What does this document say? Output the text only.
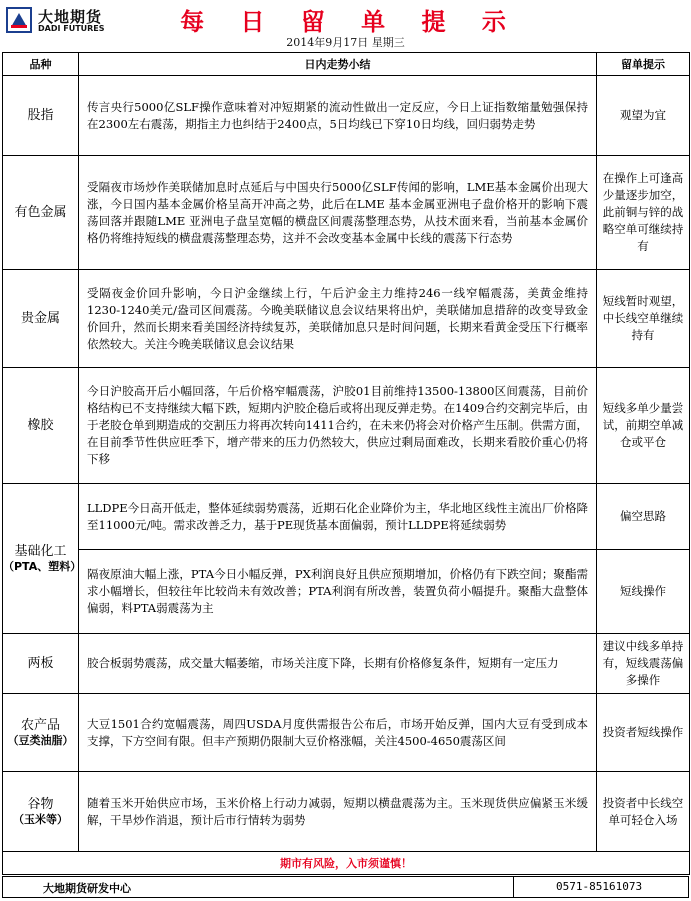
大地期货
DADI FUTURES	每 日 留 单 提 示
2014年9月17日 星期三
品种	日内走势小结	留单提示
股指	传言央行5000亿SLF操作意味着对冲短期紧的流动性做出一定反应，今日上证指数缩量勉强保持在2300左右震荡，期指主力也纠结于2400点，5日均线已下穿10日均线，回归弱势走势	观望为宜
有色金属	受隔夜市场炒作美联储加息时点延后与中国央行5000亿SLF传闻的影响，LME基本金属价出现大涨，今日国内基本金属价格呈高开冲高之势，此后在LME 基本金属亚洲电子盘价格开的影响下震荡回落并跟随LME 亚洲电子盘呈宽幅的横盘区间震荡整理态势，从技术面来看，当前基本金属价格仍将维持短线的横盘震荡整理态势，这并不会改变基本金属中长线的震荡下行态势	在操作上可逢高少量逐步加空，此前铜与锌的战略空单可继续持有
贵金属	受隔夜金价回升影响，今日沪金继续上行，午后沪金主力维持246一线窄幅震荡，美黄金维持1230-1240美元/盎司区间震荡。今晚美联储议息会议结果将出炉，美联储加息措辞的改变导致金价回升，然而长期来看美国经济持续复苏，美联储加息只是时间问题，长期来看黄金受压下行概率依然较大。关注今晚美联储议息会议结果	短线暂时观望，中长线空单继续持有
橡胶	今日沪胶高开后小幅回落，午后价格窄幅震荡，沪胶01目前维持13500-13800区间震荡，目前价格结构已不支持继续大幅下跌，短期内沪胶企稳后或将出现反弹走势。在1409合约交割完毕后，由于老胶仓单到期造成的交割压力将再次转向1411合约，在未来仍将会对价格产生压制。供需方面，在目前季节性供应旺季下，增产带来的压力仍然较大，供应过剩局面难改，长期来看胶价重心仍将下移	短线多单少量尝试，前期空单减仓或平仓
基础化工
（PTA、塑料）	LLDPE今日高开低走，整体延续弱势震荡，近期石化企业降价为主，华北地区线性主流出厂价格降至11000元/吨。需求改善乏力，基于PE现货基本面偏弱，预计LLDPE将延续弱势	偏空思路
	隔夜原油大幅上涨，PTA今日小幅反弹，PX利润良好且供应预期增加，价格仍有下跌空间；聚酯需求小幅增长，但较往年比较尚未有效改善；PTA利润有所改善，装置负荷小幅提升。聚酯大盘整体偏弱，料PTA弱震荡为主	短线操作
两板	胶合板弱势震荡，成交量大幅萎缩，市场关注度下降，长期有价格修复条件，短期有一定压力	建议中线多单持有，短线震荡偏多操作
农产品
（豆类油脂）	大豆1501合约宽幅震荡，周四USDA月度供需报告公布后，市场开始反弹，国内大豆有受到成本支撑，下方空间有限。但丰产预期仍限制大豆价格涨幅，关注4500-4650震荡区间	投资者短线操作
谷物
（玉米等）	随着玉米开始供应市场，玉米价格上行动力减弱，短期以横盘震荡为主。玉米现货供应偏紧玉米缓解，干旱炒作消退，预计后市行情转为弱势	投资者中长线空单可轻仓入场
期市有风险，入市须谨慎！		
大地期货研发中心	0571-85161073
